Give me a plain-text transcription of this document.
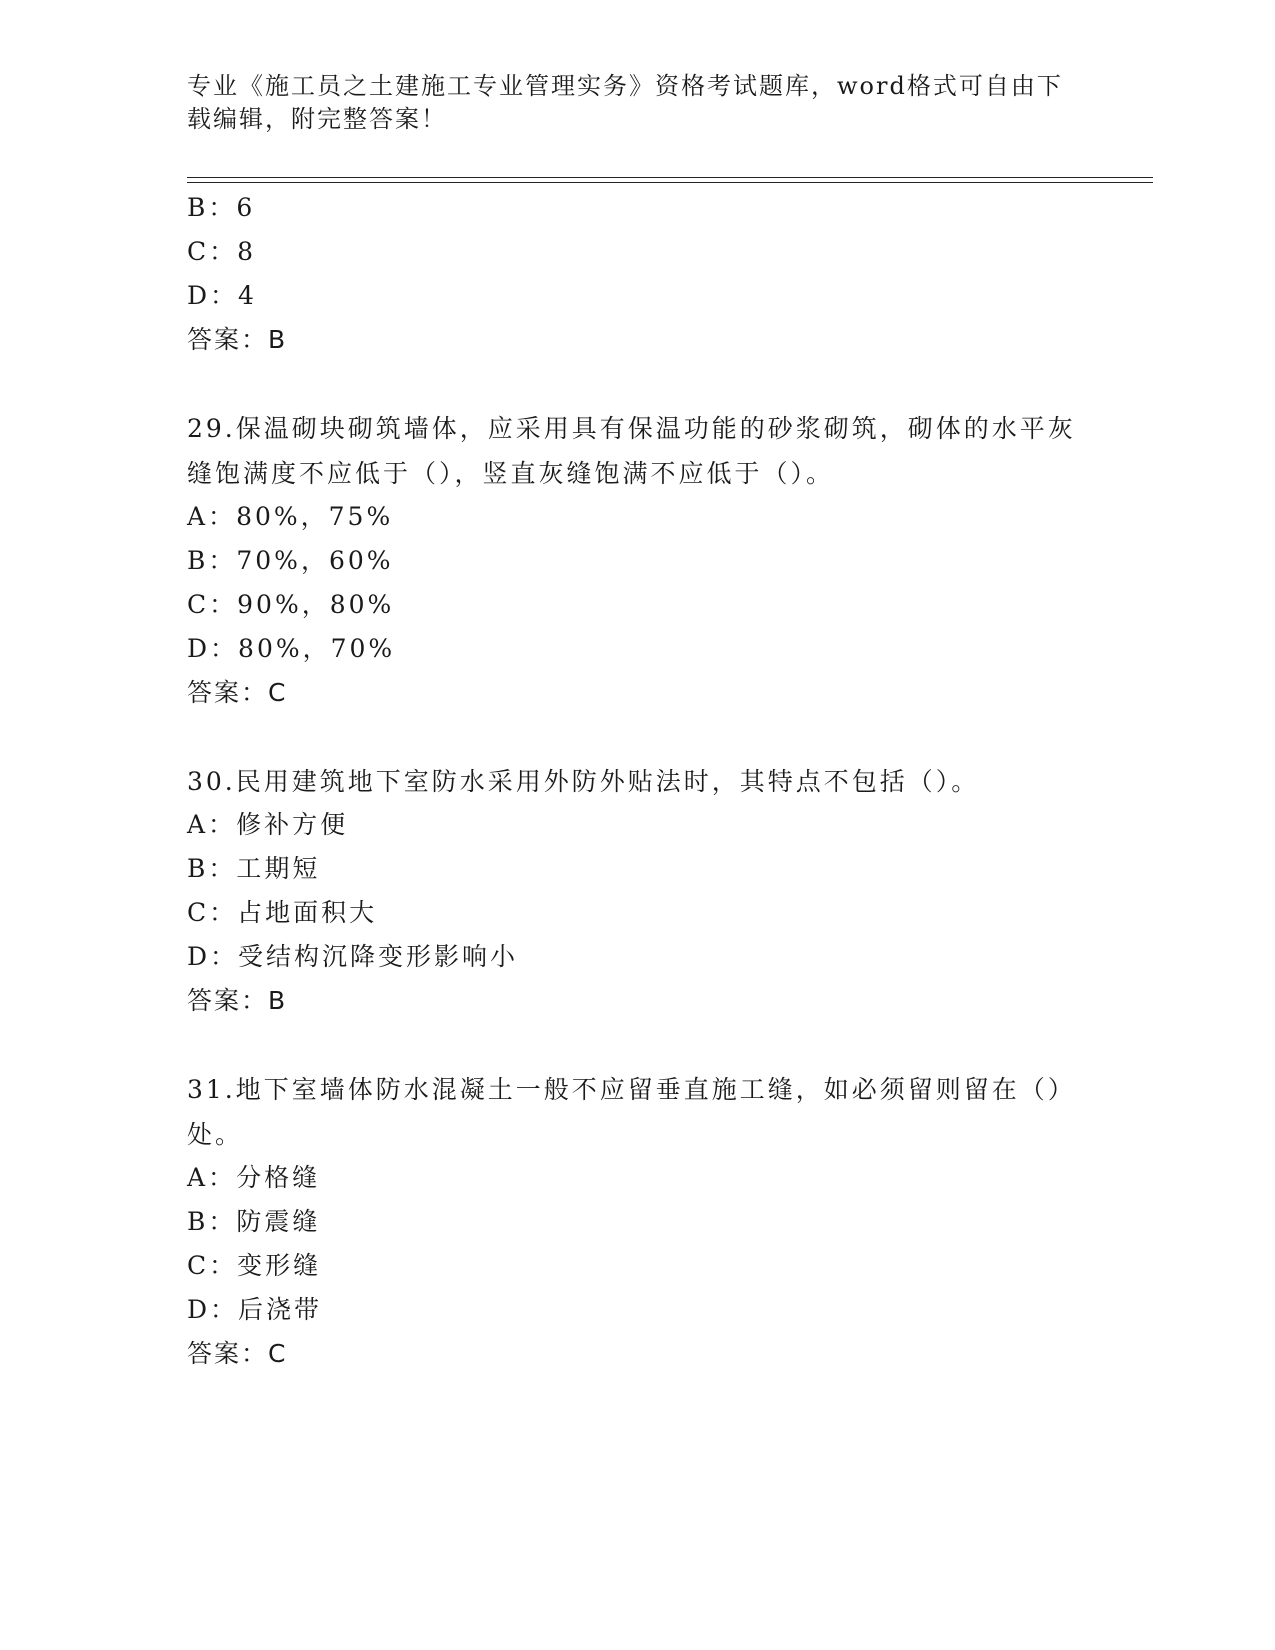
专业《施工员之土建施工专业管理实务》资格考试题库，word格式可自由下载编辑，附完整答案！
B：6
C：8
D：4
答案：B
29.保温砌块砌筑墙体，应采用具有保温功能的砂浆砌筑，砌体的水平灰缝饱满度不应低于（），竖直灰缝饱满不应低于（）。
A：80%，75%
B：70%，60%
C：90%，80%
D：80%，70%
答案：C
30.民用建筑地下室防水采用外防外贴法时，其特点不包括（）。
A：修补方便
B：工期短
C：占地面积大
D：受结构沉降变形影响小
答案：B
31.地下室墙体防水混凝土一般不应留垂直施工缝，如必须留则留在（）处。
A：分格缝
B：防震缝
C：变形缝
D：后浇带
答案：C
